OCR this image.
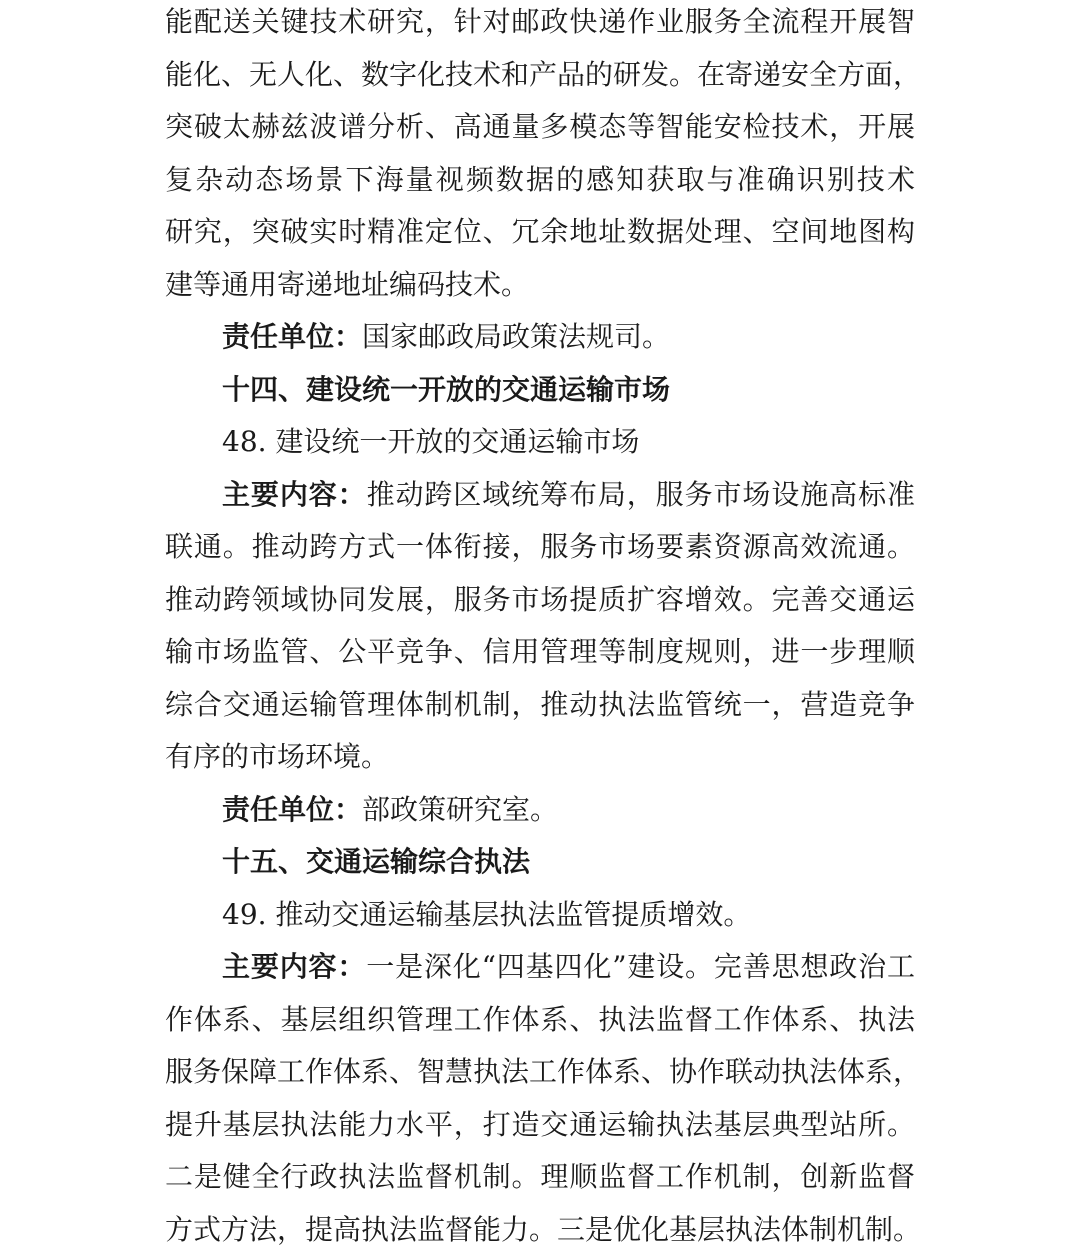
能配送关键技术研究，针对邮政快递作业服务全流程开展智
能化、无人化、数字化技术和产品的研发。在寄递安全方面，
突破太赫兹波谱分析、高通量多模态等智能安检技术，开展
复杂动态场景下海量视频数据的感知获取与准确识别技术
研究，突破实时精准定位、冗余地址数据处理、空间地图构
建等通用寄递地址编码技术。
责任单位：国家邮政局政策法规司。
十四、建设统一开放的交通运输市场
48. 建设统一开放的交通运输市场
主要内容：推动跨区域统筹布局，服务市场设施高标准
联通。推动跨方式一体衔接，服务市场要素资源高效流通。
推动跨领域协同发展，服务市场提质扩容增效。完善交通运
输市场监管、公平竞争、信用管理等制度规则，进一步理顺
综合交通运输管理体制机制，推动执法监管统一，营造竞争
有序的市场环境。
责任单位：部政策研究室。
十五、交通运输综合执法
49. 推动交通运输基层执法监管提质增效。
主要内容：一是深化“四基四化”建设。完善思想政治工
作体系、基层组织管理工作体系、执法监督工作体系、执法
服务保障工作体系、智慧执法工作体系、协作联动执法体系，
提升基层执法能力水平，打造交通运输执法基层典型站所。
二是健全行政执法监督机制。理顺监督工作机制，创新监督
方式方法，提高执法监督能力。三是优化基层执法体制机制。
